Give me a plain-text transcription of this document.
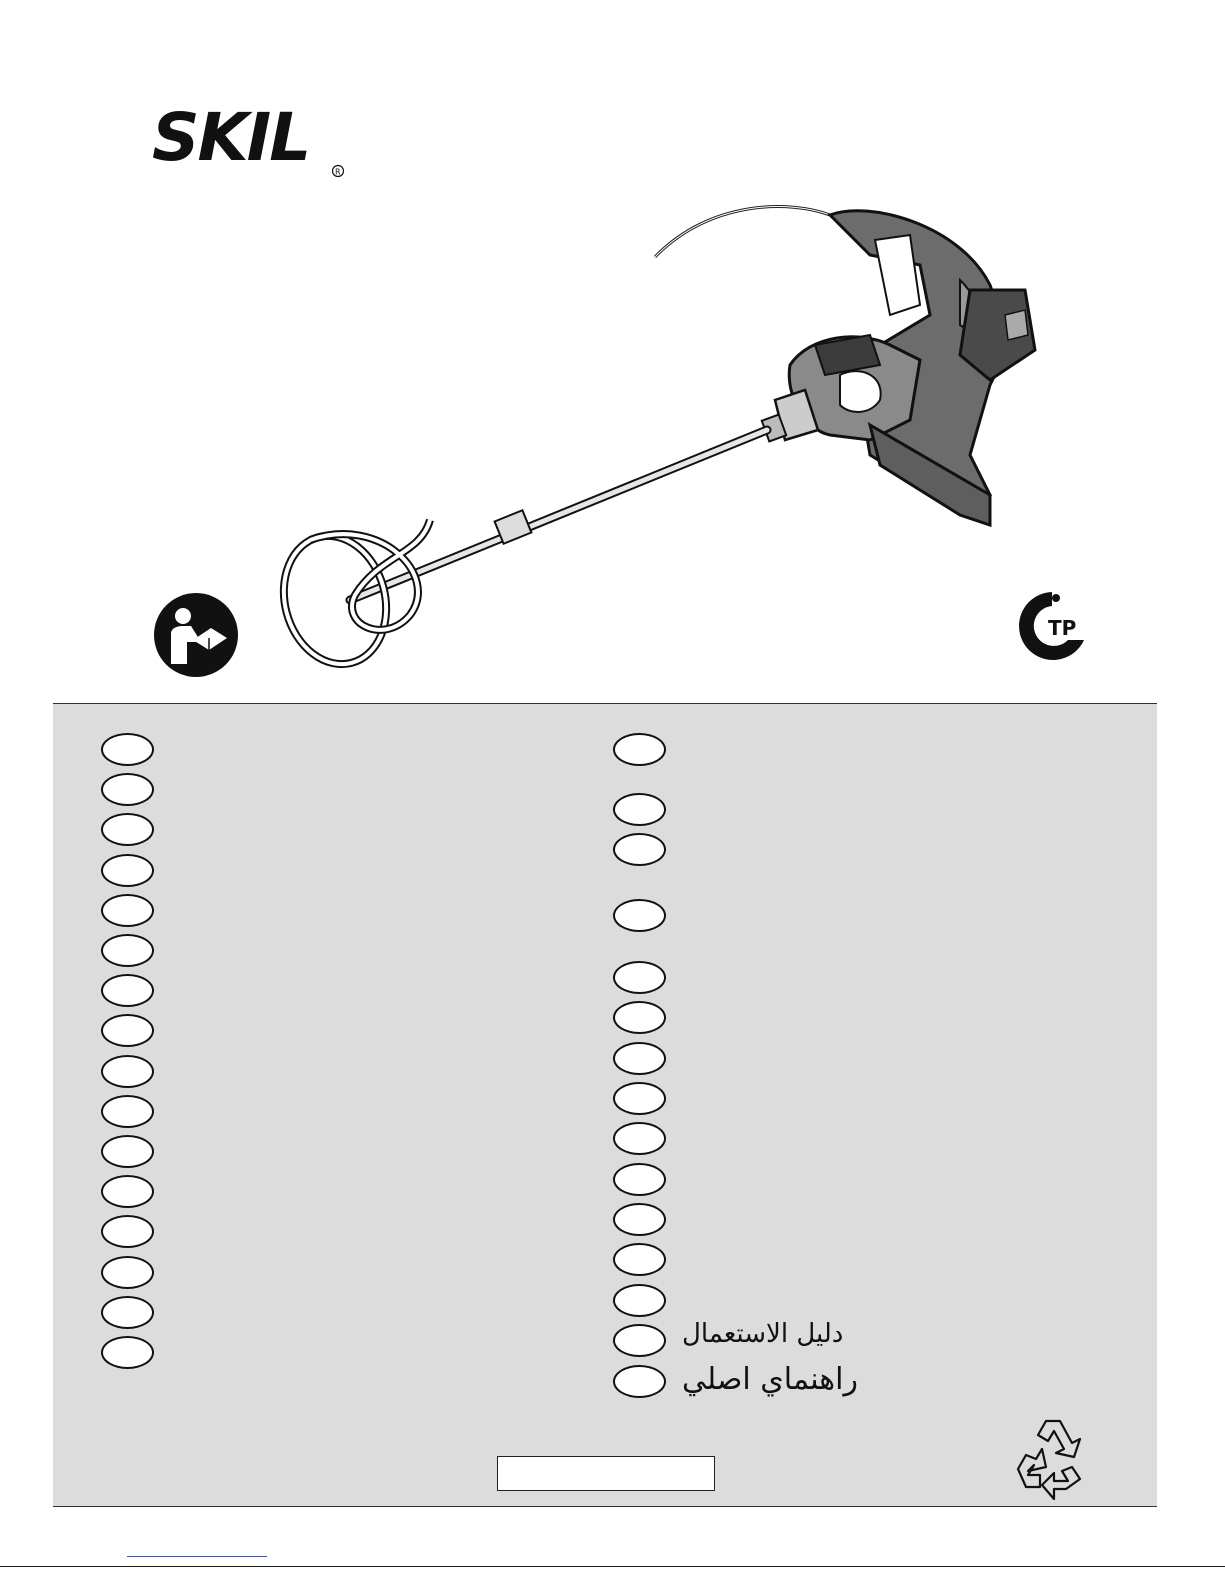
SKIL	R
TP
دليل الاستعمال
راهنماي اصلي
